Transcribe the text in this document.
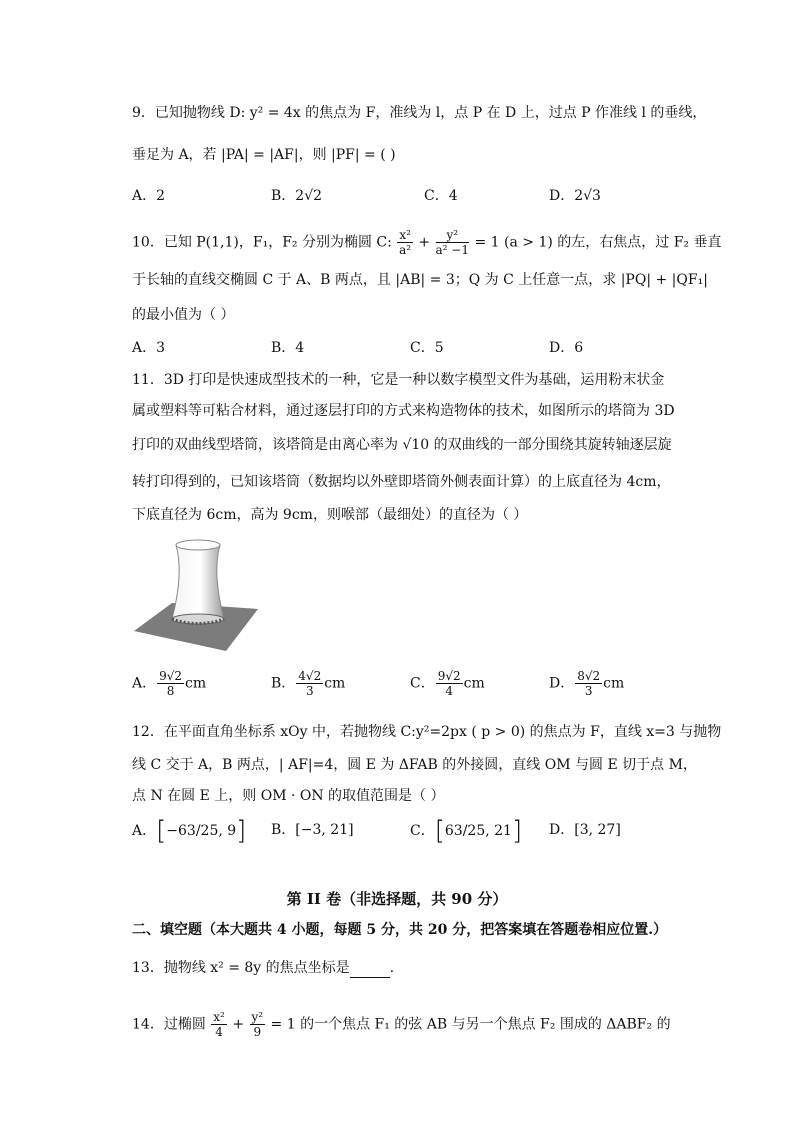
9．已知抛物线 D: y² = 4x 的焦点为 F，准线为 l，点 P 在 D 上，过点 P 作准线 l 的垂线，
垂足为 A，若 |PA| = |AF|，则 |PF| = ( )
A．2	B．2√2	C．4	D．2√3
10．已知 P(1,1)，F₁，F₂ 分别为椭圆 C: $\frac{\text{x²}}{\text{a²}} + \frac{\text{y²}}{\text{a² −1}} = 1$ (a > 1) 的左，右焦点，过 F₂ 垂直
于长轴的直线交椭圆 C 于 A、B 两点，且 |AB| = 3；Q 为 C 上任意一点，求 |PQ| + |QF₁|
的最小值为（ ）
A．3	B．4	C．5	D．6
11．3D 打印是快速成型技术的一种，它是一种以数字模型文件为基础，运用粉末状金
属或塑料等可粘合材料，通过逐层打印的方式来构造物体的技术，如图所示的塔筒为 3D
打印的双曲线型塔筒，该塔筒是由离心率为 √10 的双曲线的一部分围绕其旋转轴逐层旋
转打印得到的，已知该塔筒（数据均以外壁即塔筒外侧表面计算）的上底直径为 4cm，
下底直径为 6cm，高为 9cm，则喉部（最细处）的直径为（ ）
A． $\frac{9√2}{8}$ cm	B． $\frac{4√2}{3}$ cm	C． $\frac{9√2}{4}$ cm	D． $\frac{8√2}{3}$ cm
12．在平面直角坐标系 xOy 中，若抛物线 C:y²=2px ( p > 0) 的焦点为 F，直线 x=3 与抛物
线 C 交于 A，B 两点，| AF|=4，圆 E 为 ΔFAB 的外接圆，直线 OM 与圆 E 切于点 M，
点 N 在圆 E 上，则 OM · ON 的取值范围是（ ）
A．[−63/25, 9] B．[−3, 21]	C．[63/25, 21] D．[3, 27]
第 II 卷（非选择题，共 90 分）
二、填空题（本大题共 4 小题，每题 5 分，共 20 分，把答案填在答题卷相应位置.）
13．抛物线 x² = 8y 的焦点坐标是	.
14．过椭圆 $\frac{\text{x²}}{4} + \frac{\text{y²}}{9} = 1$ 的一个焦点 F₁ 的弦 AB 与另一个焦点 F₂ 围成的 ΔABF₂ 的
